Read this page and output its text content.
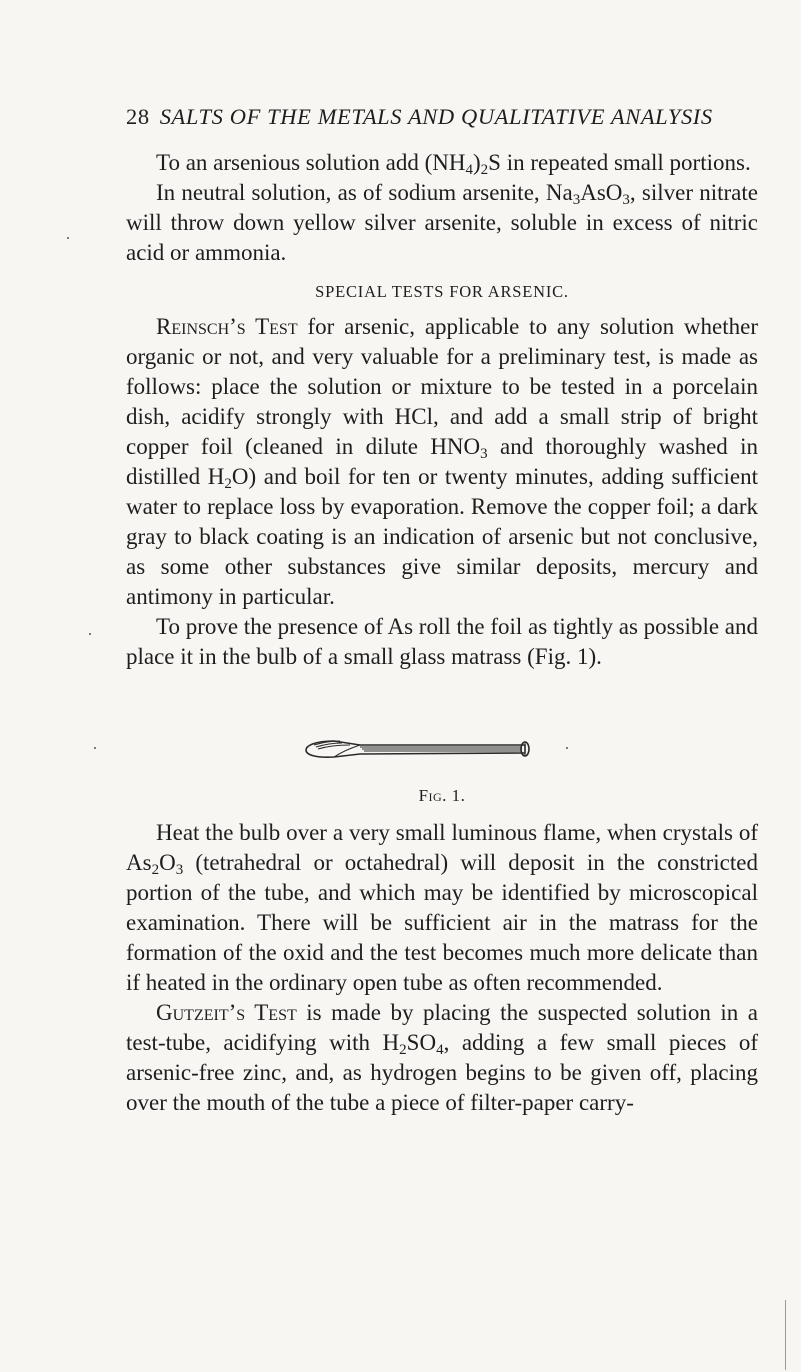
28 SALTS OF THE METALS AND QUALITATIVE ANALYSIS

To an arsenious solution add $(NH_4)_2S$ in repeated small portions.

In neutral solution, as of sodium arsenite, $Na_3AsO_3$, silver nitrate will throw down yellow silver arsenite, soluble in excess of nitric acid or ammonia.

SPECIAL TESTS FOR ARSENIC.

Reinsch’s Test for arsenic, applicable to any solution whether organic or not, and very valuable for a preliminary test, is made as follows: place the solution or mixture to be tested in a porcelain dish, acidify strongly with HCl, and add a small strip of bright copper foil (cleaned in dilute $HNO_3$ and thoroughly washed in distilled $H_2O$) and boil for ten or twenty minutes, adding sufficient water to replace loss by evaporation. Remove the copper foil; a dark gray to black coating is an indication of arsenic but not conclusive, as some other substances give similar deposits, mercury and antimony in particular.

To prove the presence of As roll the foil as tightly as possible and place it in the bulb of a small glass matrass (Fig. 1).

Fig. 1.

Heat the bulb over a very small luminous flame, when crystals of $As_2O_3$ (tetrahedral or octahedral) will deposit in the constricted portion of the tube, and which may be identified by microscopical examination. There will be sufficient air in the matrass for the formation of the oxid and the test becomes much more delicate than if heated in the ordinary open tube as often recommended.

Gutzeit’s Test is made by placing the suspected solution in a test-tube, acidifying with $H_2SO_4$, adding a few small pieces of arsenic-free zinc, and, as hydrogen begins to be given off, placing over the mouth of the tube a piece of filter-paper carry-
